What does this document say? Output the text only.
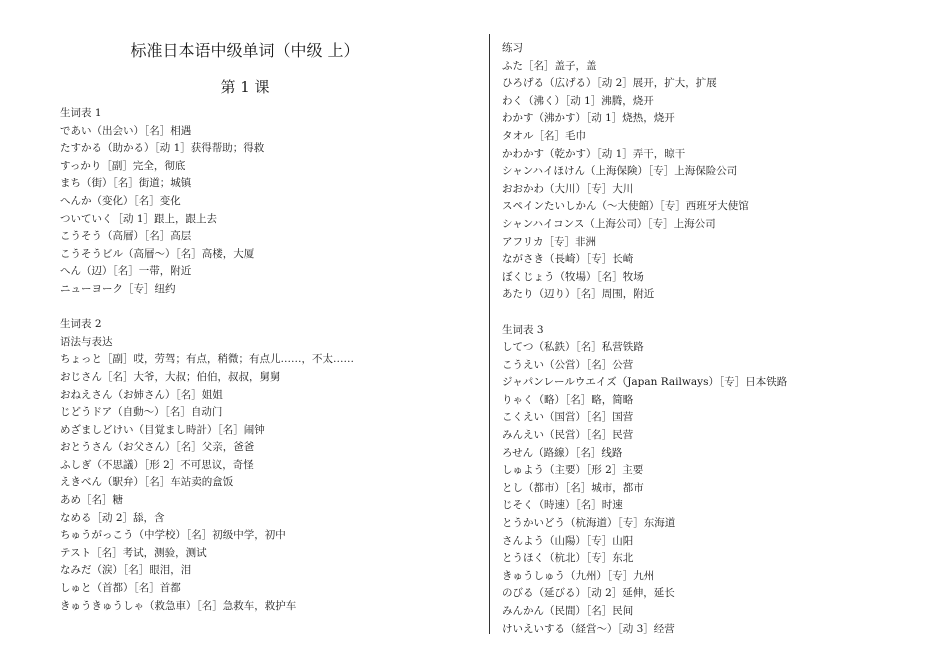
标准日本语中级单词（中级 上）
第 1 课
生词表 1
であい（出会い）［名］相遇
たすかる（助かる）［动 1］获得帮助；得救
すっかり［副］完全，彻底
まち（街）［名］街道；城镇
へんか（变化）［名］变化
ついていく［动 1］跟上，跟上去
こうそう（高層）［名］高层
こうそうビル（高層～）［名］高楼，大厦
へん（辺）［名］一带，附近
ニューヨーク［专］纽约
生词表 2
语法与表达
ちょっと［副］哎，劳驾；有点，稍微；有点儿……，不太……
おじさん［名］大爷，大叔；伯伯，叔叔，舅舅
おねえさん（お姉さん）［名］姐姐
じどうドア（自動～）［名］自动门
めざましどけい（目覚まし時計）［名］闹钟
おとうさん（お父さん）［名］父亲，爸爸
ふしぎ（不思議）［形 2］不可思议，奇怪
えきべん（駅弁）［名］车站卖的盒饭
あめ［名］糖
なめる［动 2］舔，含
ちゅうがっこう（中学校）［名］初级中学，初中
テスト［名］考试，测验，测试
なみだ（涙）［名］眼泪，泪
しゅと（首都）［名］首都
きゅうきゅうしゃ（救急車）［名］急救车，救护车
练习
ふた［名］盖子，盖
ひろげる（広げる）［动 2］展开，扩大，扩展
わく（沸く）［动 1］沸腾，烧开
わかす（沸かす）［动 1］烧热，烧开
タオル［名］毛巾
かわかす（乾かす）［动 1］弄干，晾干
シャンハイほけん（上海保険）［专］上海保险公司
おおかわ（大川）［专］大川
スペインたいしかん（～大使館）［专］西班牙大使馆
シャンハイコンス（上海公司）［专］上海公司
アフリカ［专］非洲
ながさき（長崎）［专］长崎
ぼくじょう（牧場）［名］牧场
あたり（辺り）［名］周围，附近
生词表 3
してつ（私鉄）［名］私营铁路
こうえい（公営）［名］公营
ジャパンレールウエイズ（Japan Railways）［专］日本铁路
りゃく（略）［名］略，简略
こくえい（国営）［名］国营
みんえい（民営）［名］民营
ろせん（路線）［名］线路
しゅよう（主要）［形 2］主要
とし（都市）［名］城市，都市
じそく（時速）［名］时速
とうかいどう（杭海道）［专］东海道
さんよう（山陽）［专］山阳
とうほく（杭北）［专］东北
きゅうしゅう（九州）［专］九州
のびる（延びる）［动 2］延伸，延长
みんかん（民間）［名］民间
けいえいする（経営～）［动 3］经营
